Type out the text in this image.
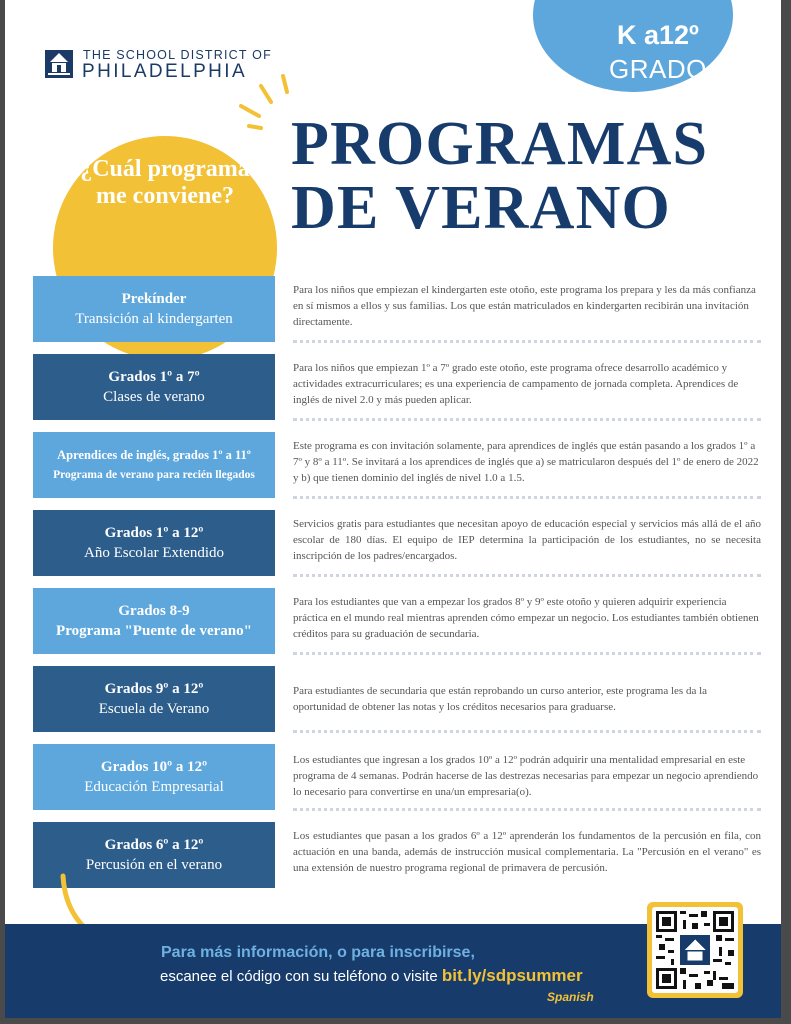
K a12º
GRADO
THE SCHOOL DISTRICT OF
PHILADELPHIA
PROGRAMAS
DE VERANO
¿Cuál programa me conviene?
Prekínder
Transición al kindergarten
Para los niños que empiezan el kindergarten este otoño, este programa los prepara y les da más confianza en sí mismos a ellos y sus familias. Los que están matriculados en kindergarten recibirán una invitación directamente.
Grados 1º a 7º
Clases de verano
Para los niños que empiezan 1º a 7º grado este otoño, este programa ofrece desarrollo académico y actividades extracurriculares; es una experiencia de campamento de jornada completa. Aprendices de inglés de nivel 2.0 y más pueden aplicar.
Aprendices de inglés, grados 1º a 11º
Programa de verano para recién llegados
Este programa es con invitación solamente, para aprendices de inglés que están pasando a los grados 1º a 7º y 8º a 11º. Se invitará a los aprendices de inglés que a) se matricularon después del 1º de enero de 2022 y b) que tienen dominio del inglés de nivel 1.0 a 1.5.
Grados 1º a 12º
Año Escolar Extendido
Servicios gratis para estudiantes que necesitan apoyo de educación especial y servicios más allá de el año escolar de 180 días. El equipo de IEP determina la participación de los estudiantes, no se necesita inscripción de los padres/encargados.
Grados 8-9
Programa "Puente de verano"
Para los estudiantes que van a empezar los grados 8º y 9º este otoño y quieren adquirir experiencia práctica en el mundo real mientras aprenden cómo empezar un negocio. Los estudiantes también obtienen créditos para su graduación de secundaria.
Grados 9º a 12º
Escuela de Verano
Para estudiantes de secundaria que están reprobando un curso anterior, este programa les da la oportunidad de obtener las notas y los créditos necesarios para graduarse.
Grados 10º a 12º
Educación Empresarial
Los estudiantes que ingresan a los grados 10º a 12º podrán adquirir una mentalidad empresarial en este programa de 4 semanas. Podrán hacerse de las destrezas necesarias para empezar un negocio aprendiendo lo necesario para convertirse en una/un empresaria(o).
Grados 6º a 12º
Percusión en el verano
Los estudiantes que pasan a los grados 6º a 12º aprenderán los fundamentos de la percusión en fila, con actuación en una banda, además de instrucción musical complementaria. La "Percusión en el verano" es una extensión de nuestro programa regional de primavera de percusión.
Para más información, o para inscribirse,
escanee el código con su teléfono o visite bit.ly/sdpsummer
Spanish
